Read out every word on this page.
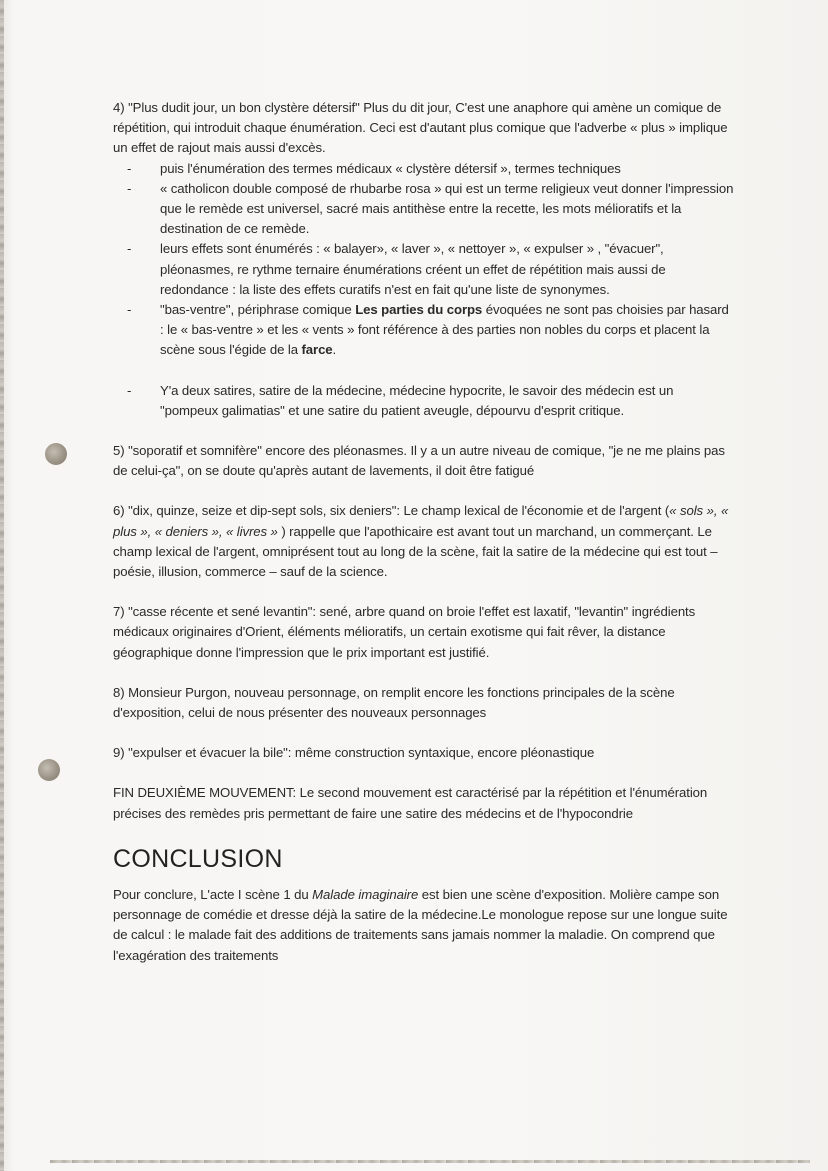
4) "Plus dudit jour, un bon clystère détersif" Plus du dit jour, C'est une anaphore qui amène un comique de répétition, qui introduit chaque énumération. Ceci est d'autant plus comique que l'adverbe « plus » implique un effet de rajout mais aussi d'excès.

- puis l'énumération des termes médicaux « clystère détersif », termes techniques
- « catholicon double composé de rhubarbe rosa » qui est un terme religieux veut donner l'impression que le remède est universel, sacré mais antithèse entre la recette, les mots mélioratifs et la destination de ce remède.
- leurs effets sont énumérés : « balayer», « laver », « nettoyer », « expulser » , "évacuer", pléonasmes, re rythme ternaire énumérations créent un effet de répétition mais aussi de redondance : la liste des effets curatifs n'est en fait qu'une liste de synonymes.
- "bas-ventre", périphrase comique Les parties du corps évoquées ne sont pas choisies par hasard : le « bas-ventre » et les « vents » font référence à des parties non nobles du corps et placent la scène sous l'égide de la farce.
- Y'a deux satires, satire de la médecine, médecine hypocrite, le savoir des médecin est un "pompeux galimatias" et une satire du patient aveugle, dépourvu d'esprit critique.

5) "soporatif et somnifère" encore des pléonasmes. Il y a un autre niveau de comique, "je ne me plains pas de celui-ça", on se doute qu'après autant de lavements, il doit être fatigué

6) "dix, quinze, seize et dip-sept sols, six deniers": Le champ lexical de l'économie et de l'argent (« sols », « plus », « deniers », « livres » ) rappelle que l'apothicaire est avant tout un marchand, un commerçant. Le champ lexical de l'argent, omniprésent tout au long de la scène, fait la satire de la médecine qui est tout – poésie, illusion, commerce – sauf de la science.

7) "casse récente et sené levantin": sené, arbre quand on broie l'effet est laxatif, "levantin" ingrédients médicaux originaires d'Orient, éléments mélioratifs, un certain exotisme qui fait rêver, la distance géographique donne l'impression que le prix important est justifié.

8) Monsieur Purgon, nouveau personnage, on remplit encore les fonctions principales de la scène d'exposition, celui de nous présenter des nouveaux personnages

9) "expulser et évacuer la bile": même construction syntaxique, encore pléonastique

FIN DEUXIÈME MOUVEMENT: Le second mouvement est caractérisé par la répétition et l'énumération précises des remèdes pris permettant de faire une satire des médecins et de l'hypocondrie

CONCLUSION

Pour conclure, L'acte I scène 1 du Malade imaginaire est bien une scène d'exposition. Molière campe son personnage de comédie et dresse déjà la satire de la médecine.Le monologue repose sur une longue suite de calcul : le malade fait des additions de traitements sans jamais nommer la maladie. On comprend que l'exagération des traitements
